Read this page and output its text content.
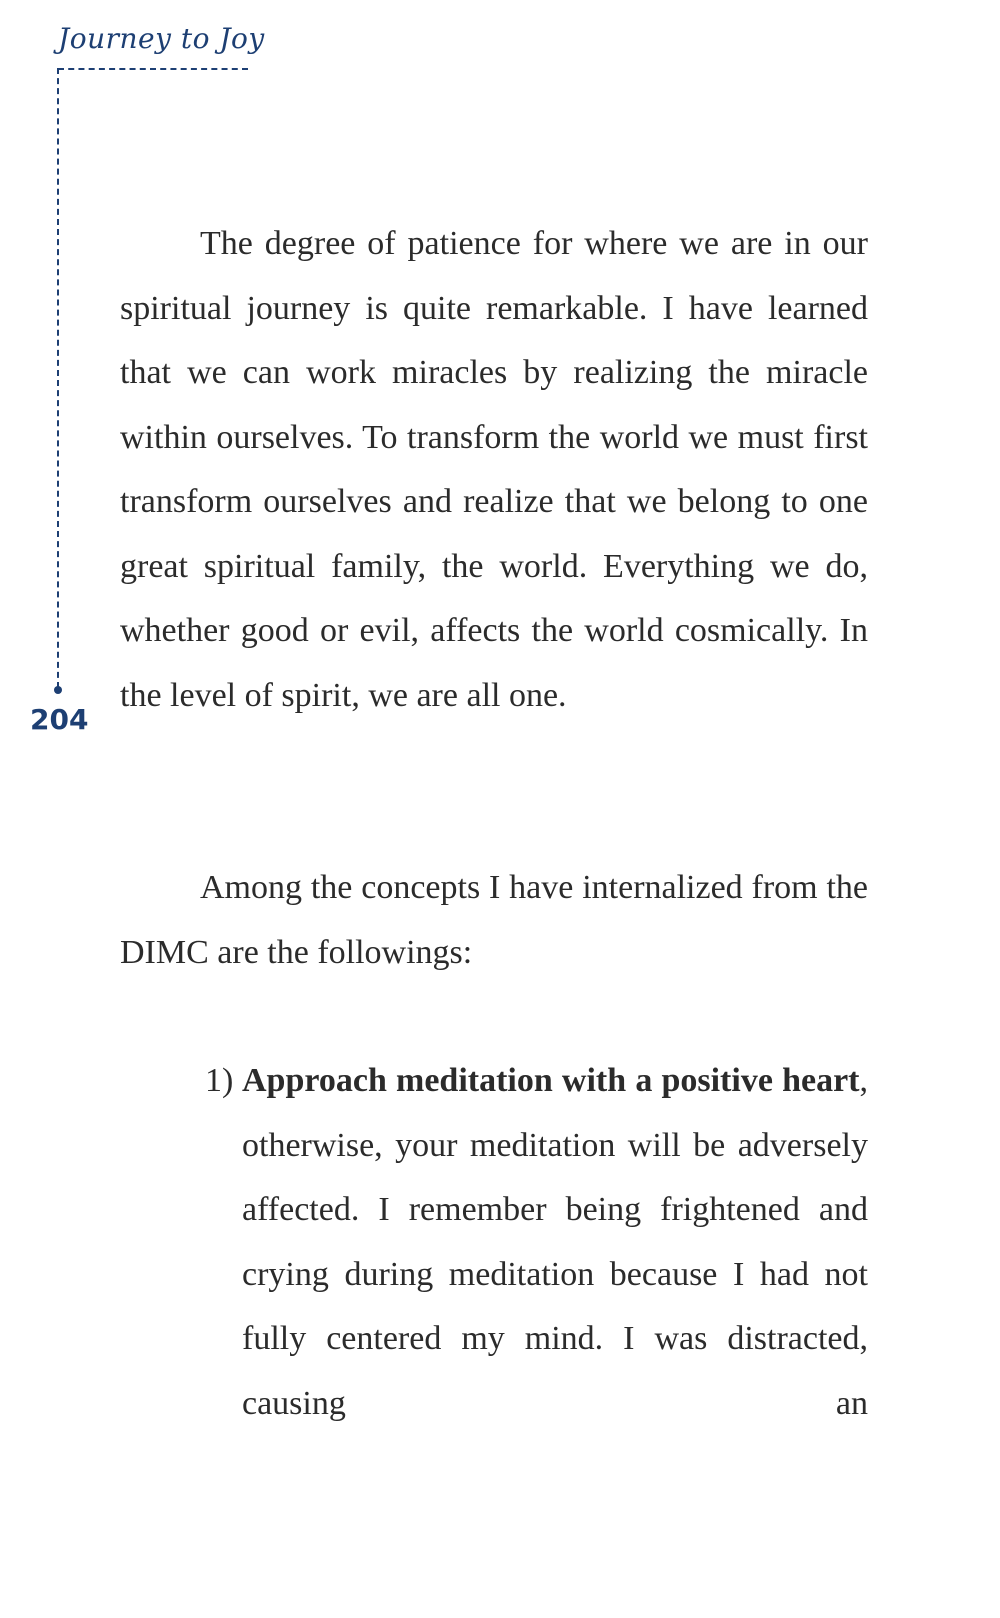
Journey to Joy
204

The degree of patience for where we are in our spiritual journey is quite remarkable. I have learned that we can work miracles by realizing the miracle within ourselves. To transform the world we must first transform ourselves and realize that we belong to one great spiritual family, the world. Everything we do, whether good or evil, affects the world cosmically. In the level of spirit, we are all one.

Among the concepts I have internalized from the DIMC are the followings:

1) Approach meditation with a positive heart, otherwise, your meditation will be adversely affected. I remember being frightened and crying during meditation because I had not fully centered my mind. I was distracted, causing an
